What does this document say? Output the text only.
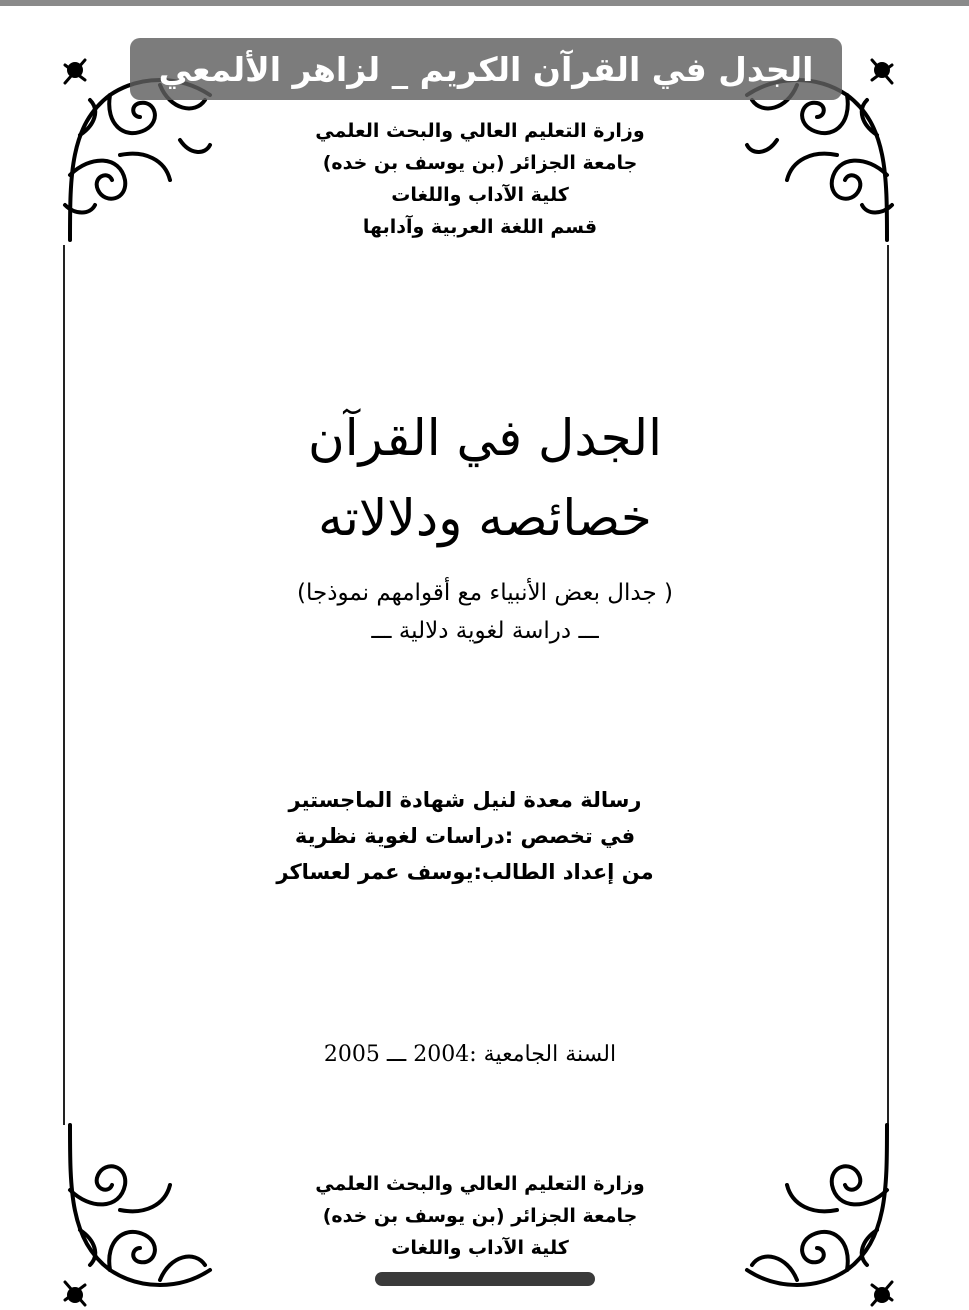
الجدل في القرآن الكريم _ لزاهر الألمعي
وزارة التعليم العالي والبحث العلمي
جامعة الجزائر (بن يوسف بن خده)
كلية الآداب واللغات
قسم اللغة العربية وآدابها
الجدل في القرآن
خصائصه ودلالاته
( جدال بعض الأنبياء مع أقوامهم نموذجا)
ـــ دراسة لغوية دلالية ـــ
رسالة معدة لنيل شهادة الماجستير
في تخصص :دراسات لغوية نظرية
من إعداد الطالب:يوسف عمر لعساكر
السنة الجامعية :2004 ـــ 2005
وزارة التعليم العالي والبحث العلمي
جامعة الجزائر (بن يوسف بن خده)
كلية الآداب واللغات
